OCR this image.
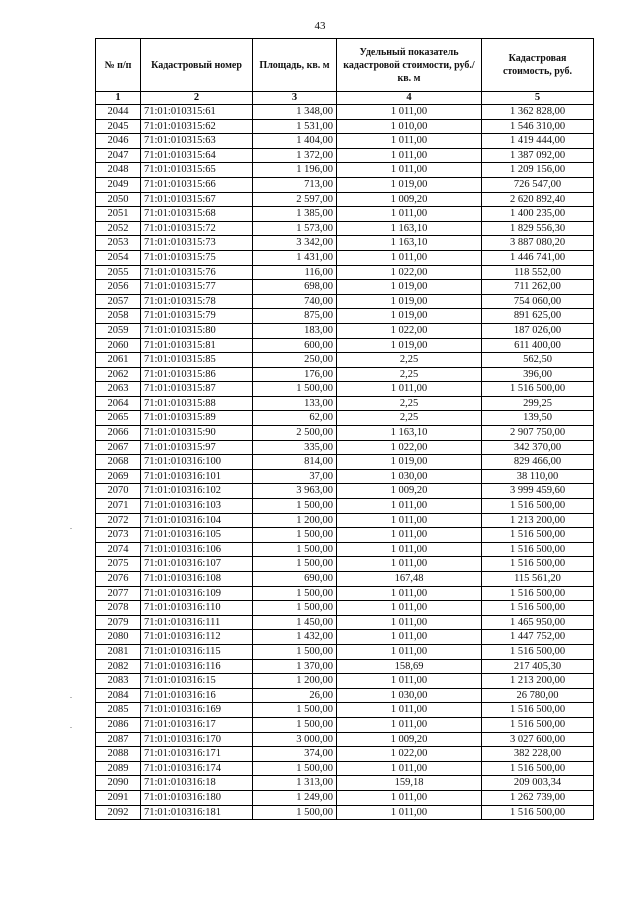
43
№ п/п	Кадастровый номер	Площадь, кв. м	Удельный показатель кадастровой стоимости, руб./кв. м	Кадастровая стоимость, руб.
1	2	3	4	5
2044	71:01:010315:61	1 348,00	1 011,00	1 362 828,00
2045	71:01:010315:62	1 531,00	1 010,00	1 546 310,00
2046	71:01:010315:63	1 404,00	1 011,00	1 419 444,00
2047	71:01:010315:64	1 372,00	1 011,00	1 387 092,00
2048	71:01:010315:65	1 196,00	1 011,00	1 209 156,00
2049	71:01:010315:66	713,00	1 019,00	726 547,00
2050	71:01:010315:67	2 597,00	1 009,20	2 620 892,40
2051	71:01:010315:68	1 385,00	1 011,00	1 400 235,00
2052	71:01:010315:72	1 573,00	1 163,10	1 829 556,30
2053	71:01:010315:73	3 342,00	1 163,10	3 887 080,20
2054	71:01:010315:75	1 431,00	1 011,00	1 446 741,00
2055	71:01:010315:76	116,00	1 022,00	118 552,00
2056	71:01:010315:77	698,00	1 019,00	711 262,00
2057	71:01:010315:78	740,00	1 019,00	754 060,00
2058	71:01:010315:79	875,00	1 019,00	891 625,00
2059	71:01:010315:80	183,00	1 022,00	187 026,00
2060	71:01:010315:81	600,00	1 019,00	611 400,00
2061	71:01:010315:85	250,00	2,25	562,50
2062	71:01:010315:86	176,00	2,25	396,00
2063	71:01:010315:87	1 500,00	1 011,00	1 516 500,00
2064	71:01:010315:88	133,00	2,25	299,25
2065	71:01:010315:89	62,00	2,25	139,50
2066	71:01:010315:90	2 500,00	1 163,10	2 907 750,00
2067	71:01:010315:97	335,00	1 022,00	342 370,00
2068	71:01:010316:100	814,00	1 019,00	829 466,00
2069	71:01:010316:101	37,00	1 030,00	38 110,00
2070	71:01:010316:102	3 963,00	1 009,20	3 999 459,60
2071	71:01:010316:103	1 500,00	1 011,00	1 516 500,00
2072	71:01:010316:104	1 200,00	1 011,00	1 213 200,00
2073	71:01:010316:105	1 500,00	1 011,00	1 516 500,00
2074	71:01:010316:106	1 500,00	1 011,00	1 516 500,00
2075	71:01:010316:107	1 500,00	1 011,00	1 516 500,00
2076	71:01:010316:108	690,00	167,48	115 561,20
2077	71:01:010316:109	1 500,00	1 011,00	1 516 500,00
2078	71:01:010316:110	1 500,00	1 011,00	1 516 500,00
2079	71:01:010316:111	1 450,00	1 011,00	1 465 950,00
2080	71:01:010316:112	1 432,00	1 011,00	1 447 752,00
2081	71:01:010316:115	1 500,00	1 011,00	1 516 500,00
2082	71:01:010316:116	1 370,00	158,69	217 405,30
2083	71:01:010316:15	1 200,00	1 011,00	1 213 200,00
2084	71:01:010316:16	26,00	1 030,00	26 780,00
2085	71:01:010316:169	1 500,00	1 011,00	1 516 500,00
2086	71:01:010316:17	1 500,00	1 011,00	1 516 500,00
2087	71:01:010316:170	3 000,00	1 009,20	3 027 600,00
2088	71:01:010316:171	374,00	1 022,00	382 228,00
2089	71:01:010316:174	1 500,00	1 011,00	1 516 500,00
2090	71:01:010316:18	1 313,00	159,18	209 003,34
2091	71:01:010316:180	1 249,00	1 011,00	1 262 739,00
2092	71:01:010316:181	1 500,00	1 011,00	1 516 500,00
